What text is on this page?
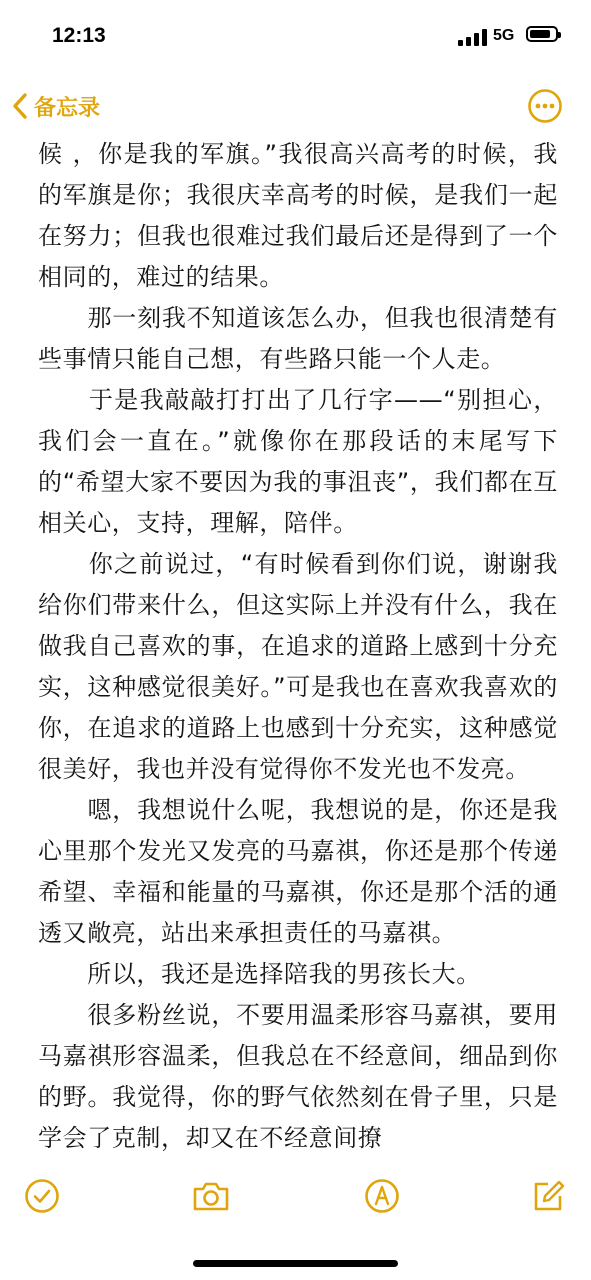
候 ，你是我的军旗。”我很高兴高考的时候，我的军旗是你；我很庆幸高考的时候，是我们一起在努力；但我也很难过我们最后还是得到了一个相同的，难过的结果。

　　那一刻我不知道该怎么办，但我也很清楚有些事情只能自己想，有些路只能一个人走。

　　于是我敲敲打打出了几行字——“别担心，我们会一直在。”就像你在那段话的末尾写下的“希望大家不要因为我的事沮丧”，我们都在互相关心，支持，理解，陪伴。

　　你之前说过，“有时候看到你们说，谢谢我给你们带来什么，但这实际上并没有什么，我在做我自己喜欢的事，在追求的道路上感到十分充实，这种感觉很美好。”可是我也在喜欢我喜欢的你，在追求的道路上也感到十分充实，这种感觉很美好，我也并没有觉得你不发光也不发亮。

　　嗯，我想说什么呢，我想说的是，你还是我心里那个发光又发亮的马嘉祺，你还是那个传递希望、幸福和能量的马嘉祺，你还是那个活的通透又敞亮，站出来承担责任的马嘉祺。

　　所以，我还是选择陪我的男孩长大。

　　很多粉丝说，不要用温柔形容马嘉祺，要用马嘉祺形容温柔，但我总在不经意间，细品到你的野。我觉得，你的野气依然刻在骨子里，只是学会了克制，却又在不经意间撩

12:13	5G
备忘录
